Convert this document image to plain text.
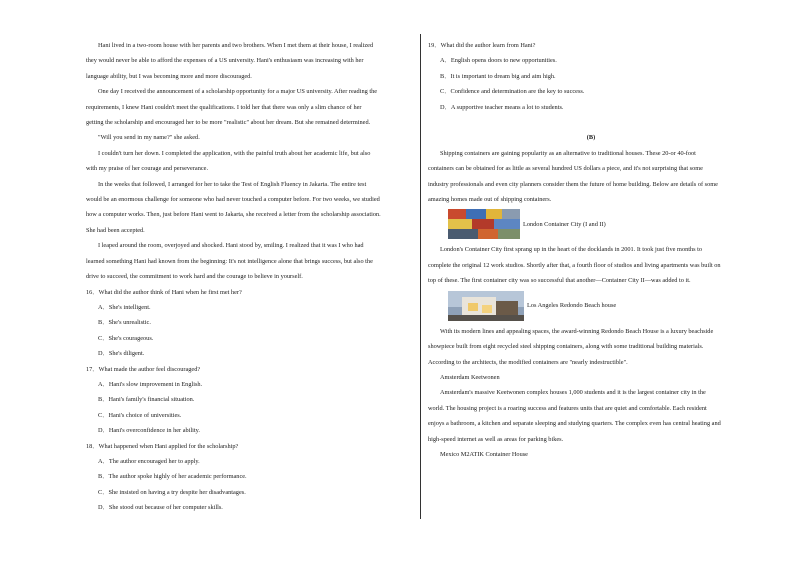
Hani lived in a two-room house with her parents and two brothers. When I met them at their house, I realized
they would never be able to afford the expenses of a US university. Hani's enthusiasm was increasing with her
language ability, but I was becoming more and more discouraged.
One day I received the announcement of a scholarship opportunity for a major US university. After reading the
requirements, I knew Hani couldn't meet the qualifications. I told her that there was only a slim chance of her
getting the scholarship and encouraged her to be more "realistic" about her dream. But she remained determined.
"Will you send in my name?" she asked.
I couldn't turn her down. I completed the application, with the painful truth about her academic life, but also
with my praise of her courage and perseverance.
In the weeks that followed, I arranged for her to take the Test of English Fluency in Jakarta. The entire test
would be an enormous challenge for someone who had never touched a computer before. For two weeks, we studied
how a computer works. Then, just before Hani went to Jakarta, she received a letter from the scholarship association.
She had been accepted.
I leaped around the room, overjoyed and shocked. Hani stood by, smiling. I realized that it was I who had
learned something Hani had known from the beginning: It's not intelligence alone that brings success, but also the
drive to succeed, the commitment to work hard and the courage to believe in yourself.
16．What did the author think of Hani when he first met her?
A．She's intelligent.
B．She's unrealistic.
C．She's courageous.
D．She's diligent.
17．What made the author feel discouraged?
A．Hani's slow improvement in English.
B．Hani's family's financial situation.
C．Hani's choice of universities.
D．Hani's overconfidence in her ability.
18．What happened when Hani applied for the scholarship?
A．The author encouraged her to apply.
B．The author spoke highly of her academic performance.
C．She insisted on having a try despite her disadvantages.
D．She stood out because of her computer skills.
19．What did the author learn from Hani?
A．English opens doors to new opportunities.
B．It is important to dream big and aim high.
C．Confidence and determination are the key to success.
D．A supportive teacher means a lot to students.

(B)
Shipping containers are gaining popularity as an alternative to traditional houses. These 20-or 40-foot
containers can be obtained for as little as several hundred US dollars a piece, and it's not surprising that some
industry professionals and even city planners consider them the future of home building. Below are details of some
amazing homes made out of shipping containers.
London Container City (I and II)
London's Container City first sprang up in the heart of the docklands in 2001. It took just five months to
complete the original 12 work studios. Shortly after that, a fourth floor of studios and living apartments was built on
top of these. The first container city was so successful that another—Container City II—was added to it.
Los Angeles Redondo Beach house
With its modern lines and appealing spaces, the award-winning Redondo Beach House is a luxury beachside
showpiece built from eight recycled steel shipping containers, along with some traditional building materials.
According to the architects, the modified containers are "nearly indestructible".
Amsterdam Keetwonen
Amsterdam's massive Keetwonen complex houses 1,000 students and it is the largest container city in the
world. The housing project is a roaring success and features units that are quiet and comfortable. Each resident
enjoys a bathroom, a kitchen and separate sleeping and studying quarters. The complex even has central heating and
high-speed internet as well as areas for parking bikes.
Mexico M2ATIK Container House
